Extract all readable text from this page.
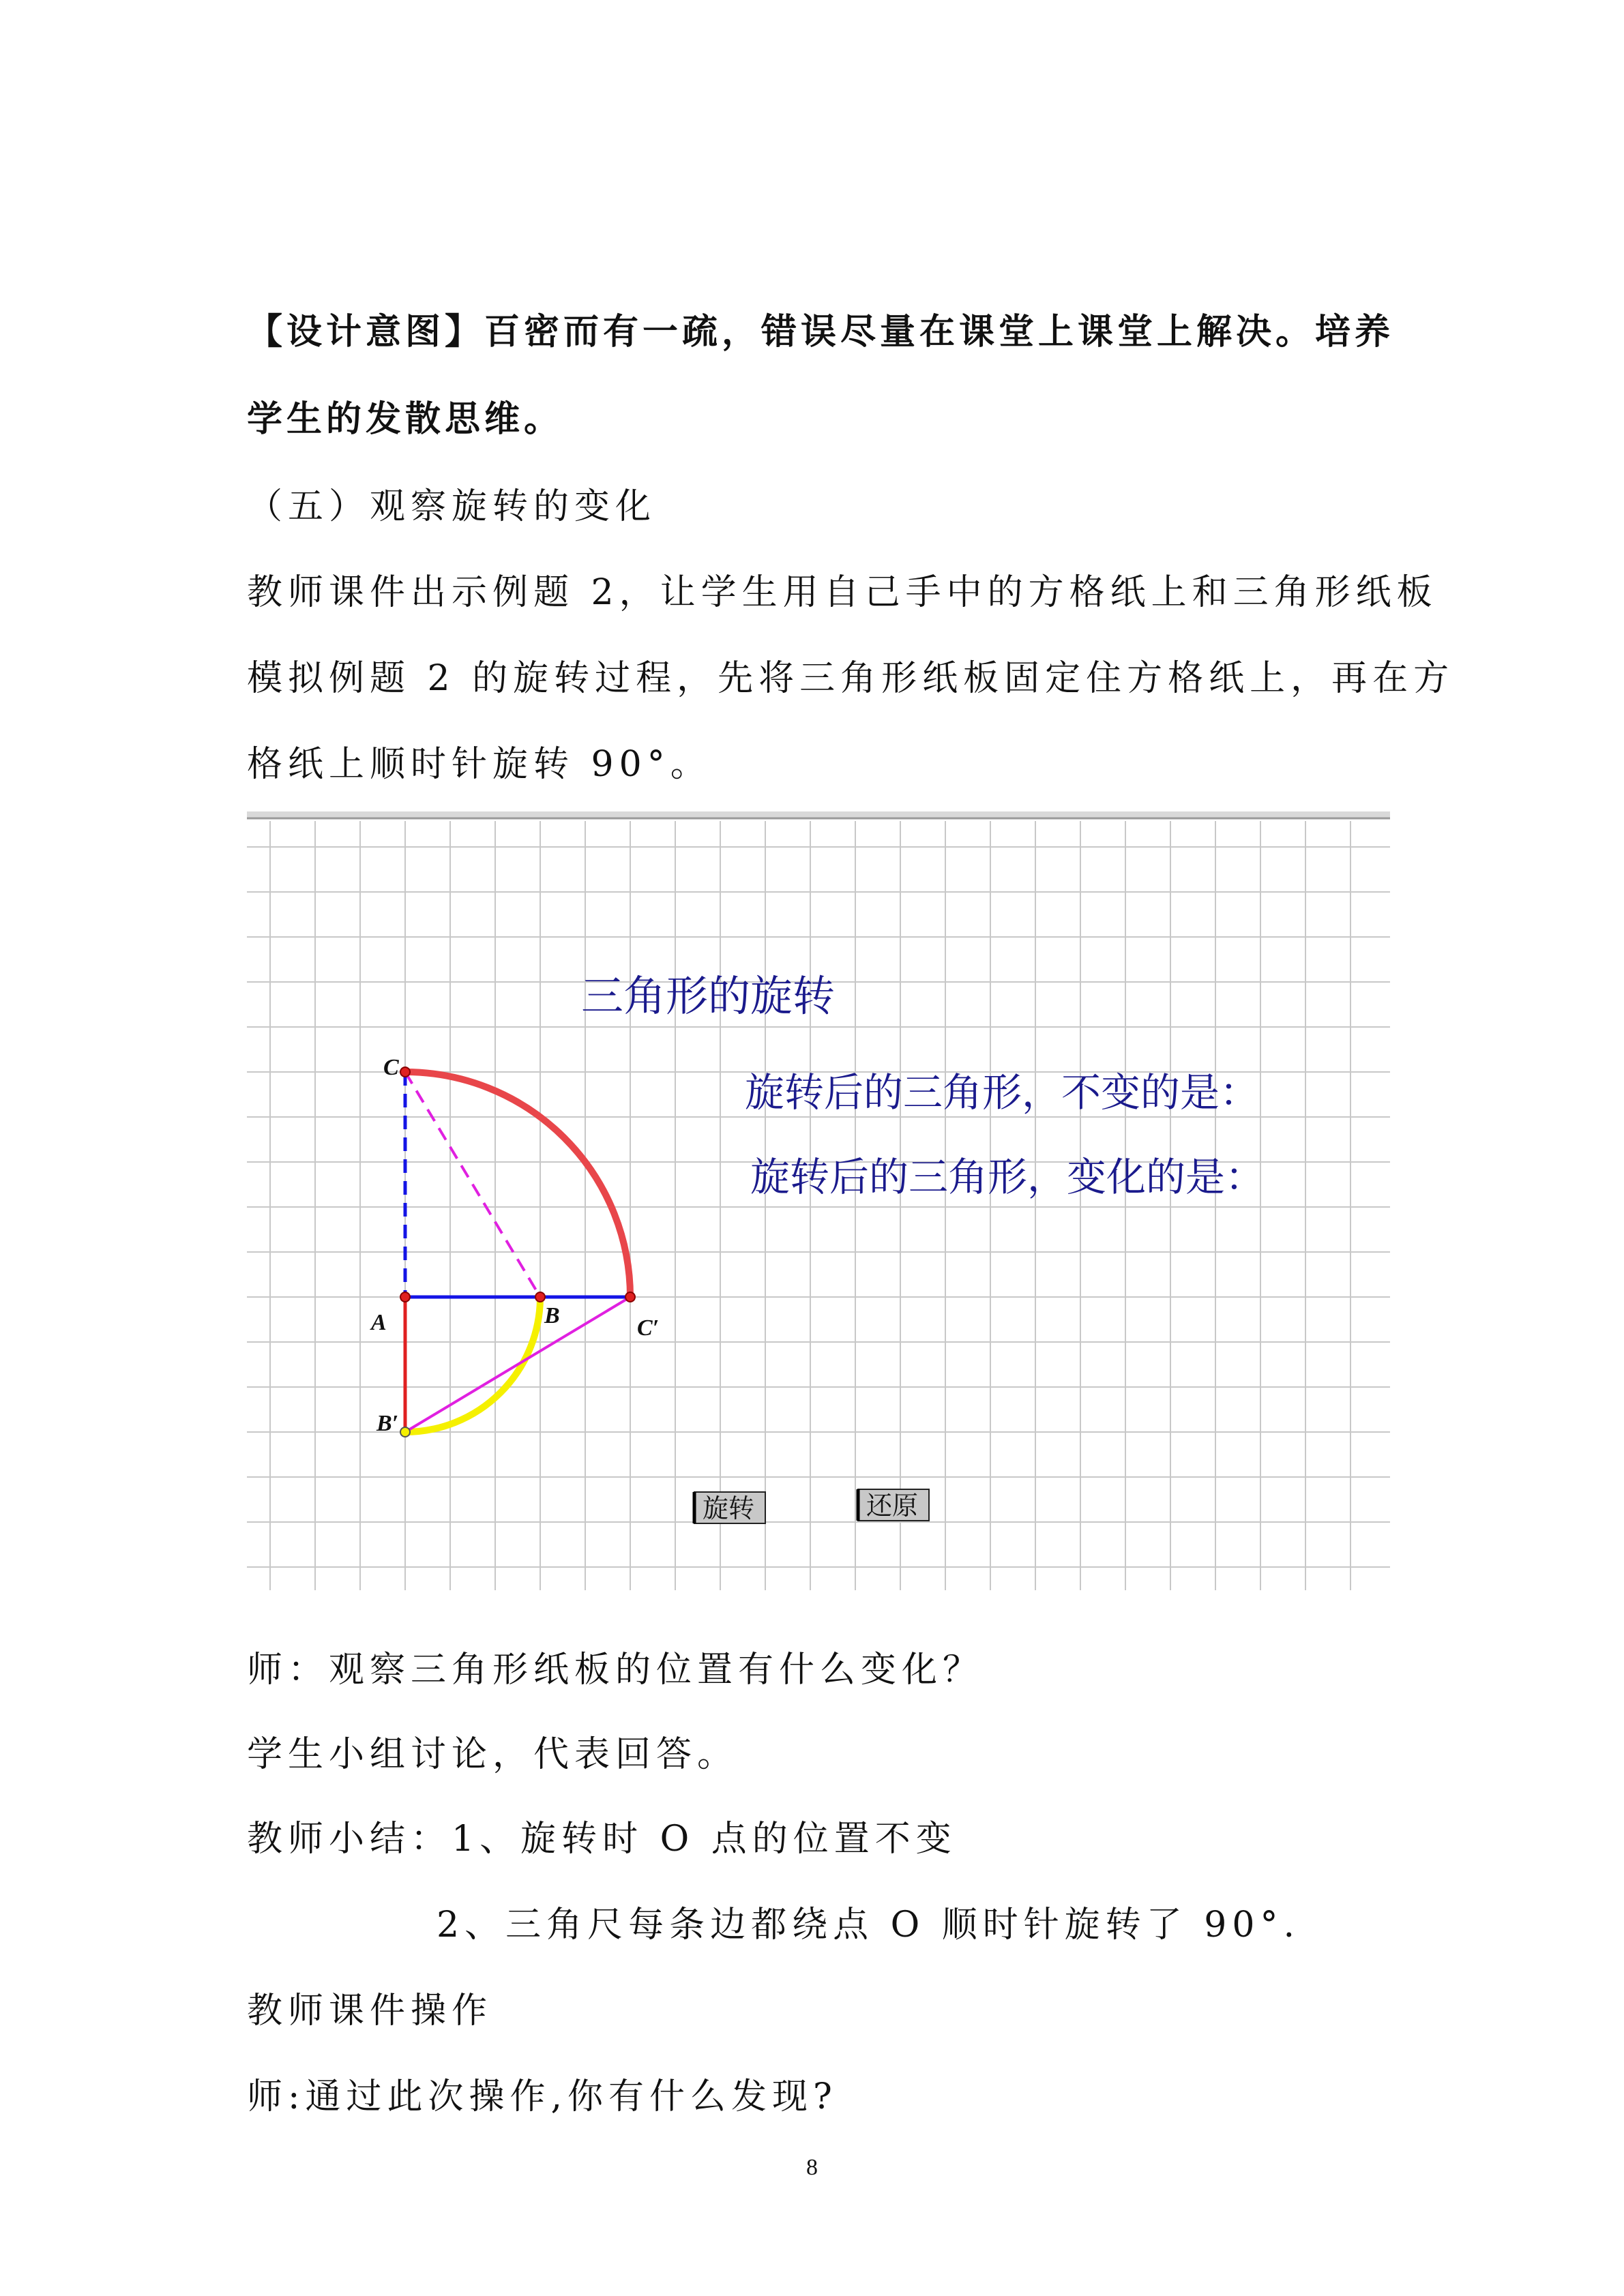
【设计意图】百密而有一疏，错误尽量在课堂上课堂上解决。培养
学生的发散思维。
（五）观察旋转的变化
教师课件出示例题 2，让学生用自己手中的方格纸上和三角形纸板
模拟例题 2 的旋转过程，先将三角形纸板固定住方格纸上，再在方
格纸上顺时针旋转 90°。
C
A	B	C′
B′
三角形的旋转
旋转后的三角形，不变的是：
旋转后的三角形，变化的是：
旋转	还原
师：观察三角形纸板的位置有什么变化？
学生小组讨论，代表回答。
教师小结：1、旋转时 O 点的位置不变
2、三角尺每条边都绕点 O 顺时针旋转了 90°.
教师课件操作
师:通过此次操作,你有什么发现?
8
